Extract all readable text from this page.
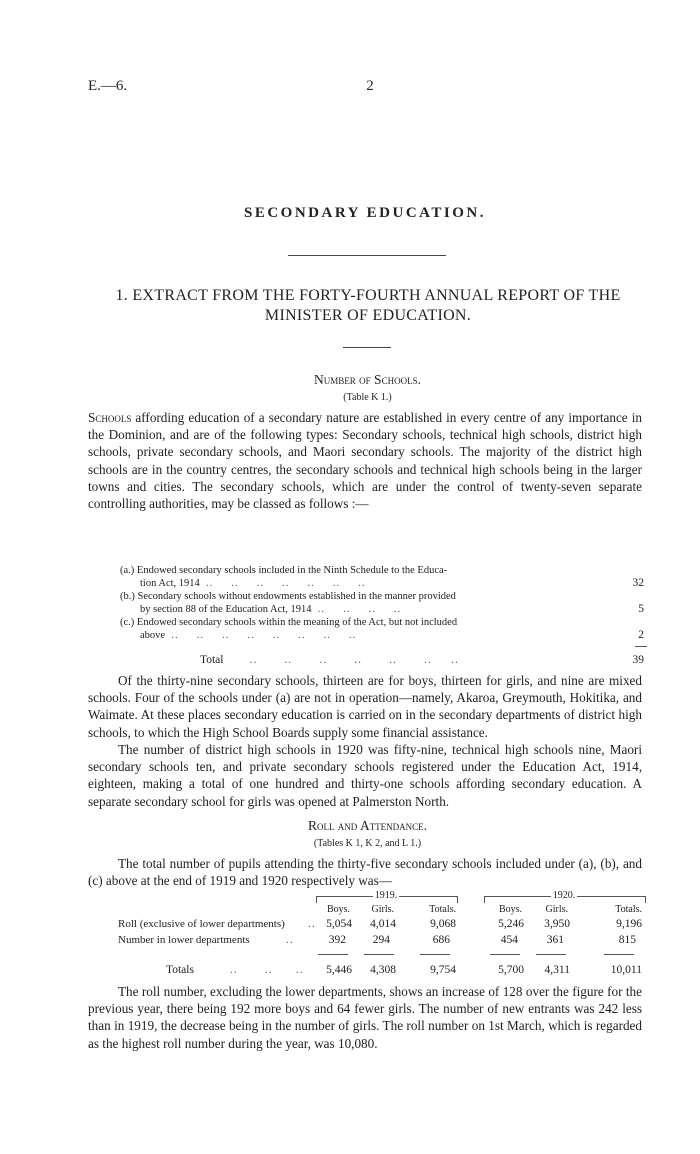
E.—6.	2
SECONDARY EDUCATION.
1. EXTRACT FROM THE FORTY-FOURTH ANNUAL REPORT OF THE MINISTER OF EDUCATION.
Number of Schools.
(Table K 1.)
Schools affording education of a secondary nature are established in every centre of any importance in the Dominion, and are of the following types: Secondary schools, technical high schools, district high schools, private secondary schools, and Maori secondary schools. The majority of the district high schools are in the country centres, the secondary schools and technical high schools being in the larger towns and cities. The secondary schools, which are under the control of twenty-seven separate controlling authorities, may be classed as follows :—
(a.) Endowed secondary schools included in the Ninth Schedule to the Educa-
tion Act, 1914  ..     ..     ..     ..     ..     ..     ..	32
(b.) Secondary schools without endowments established in the manner provided
by section 88 of the Education Act, 1914  ..     ..     ..     ..	5
(c.) Endowed secondary schools within the meaning of the Act, but not included
above  ..     ..     ..     ..     ..     ..     ..     ..	2
Total       ..       ..       ..       ..       ..       ..     ..	39
Of the thirty-nine secondary schools, thirteen are for boys, thirteen for girls, and nine are mixed schools. Four of the schools under (a) are not in operation—namely, Akaroa, Greymouth, Hokitika, and Waimate. At these places secondary education is carried on in the secondary departments of district high schools, to which the High School Boards supply some financial assistance.
The number of district high schools in 1920 was fifty-nine, technical high schools nine, Maori secondary schools ten, and private secondary schools registered under the Education Act, 1914, eighteen, making a total of one hundred and thirty-one schools affording secondary education. A separate secondary school for girls was opened at Palmerston North.
Roll and Attendance.
(Tables K 1, K 2, and L 1.)
The total number of pupils attending the thirty-five secondary schools included under (a), (b), and (c) above at the end of 1919 and 1920 respectively was—
1919.	1920.
Boys.	Girls.	Totals.	Boys.	Girls.	Totals.
Roll (exclusive of lower departments) .. 5,054	4,014	9,068	5,246	3,950	9,196
Number in lower departments	..	392	294	686	454	361	815
Totals	..       ..      ..	5,446	4,308	9,754	5,700	4,311	10,011
The roll number, excluding the lower departments, shows an increase of 128 over the figure for the previous year, there being 192 more boys and 64 fewer girls. The number of new entrants was 242 less than in 1919, the decrease being in the number of girls. The roll number on 1st March, which is regarded as the highest roll number during the year, was 10,080.
